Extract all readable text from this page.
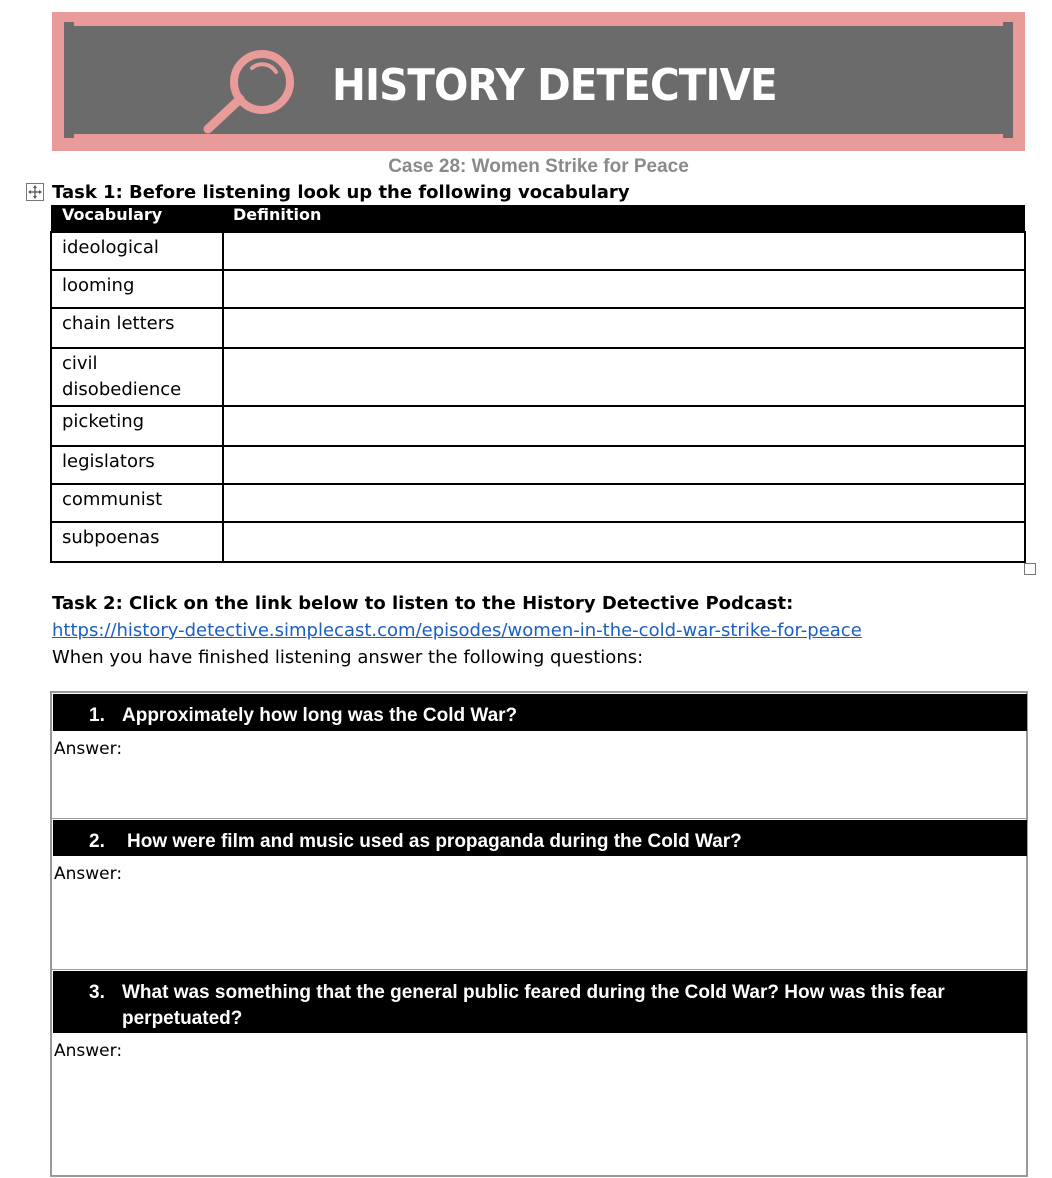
HISTORY DETECTIVE
Case 28: Women Strike for Peace
Task 1: Before listening look up the following vocabulary
Vocabulary	Definition
ideological	
looming	
chain letters	
civil disobedience	
picketing	
legislators	
communist	
subpoenas	
Task 2: Click on the link below to listen to the History Detective Podcast:
https://history-detective.simplecast.com/episodes/women-in-the-cold-war-strike-for-peace
When you have finished listening answer the following questions:
1. Approximately how long was the Cold War?
Answer:
2. How were film and music used as propaganda during the Cold War?
Answer:
3. What was something that the general public feared during the Cold War? How was this fear perpetuated?
Answer:
